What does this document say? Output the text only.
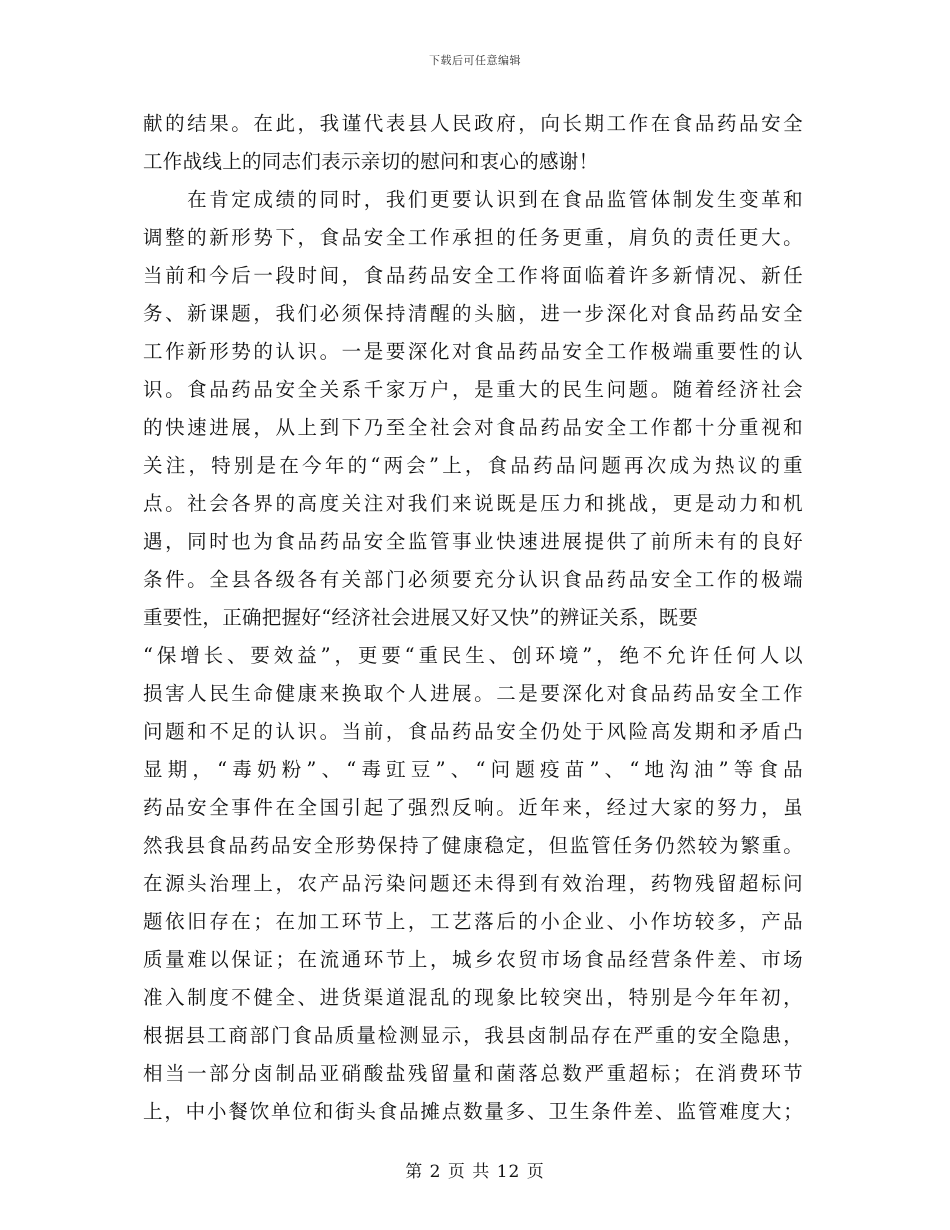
下载后可任意编辑
献的结果。在此，我谨代表县人民政府，向长期工作在食品药品安全
工作战线上的同志们表示亲切的慰问和衷心的感谢！
　　在肯定成绩的同时，我们更要认识到在食品监管体制发生变革和
调整的新形势下，食品安全工作承担的任务更重，肩负的责任更大。
当前和今后一段时间，食品药品安全工作将面临着许多新情况、新任
务、新课题，我们必须保持清醒的头脑，进一步深化对食品药品安全
工作新形势的认识。一是要深化对食品药品安全工作极端重要性的认
识。食品药品安全关系千家万户，是重大的民生问题。随着经济社会
的快速进展，从上到下乃至全社会对食品药品安全工作都十分重视和
关注，特别是在今年的“两会”上，食品药品问题再次成为热议的重
点。社会各界的高度关注对我们来说既是压力和挑战，更是动力和机
遇，同时也为食品药品安全监管事业快速进展提供了前所未有的良好
条件。全县各级各有关部门必须要充分认识食品药品安全工作的极端
重要性，正确把握好“经济社会进展又好又快”的辨证关系，既要
“保增长、要效益”，更要“重民生、创环境”，绝不允许任何人以
损害人民生命健康来换取个人进展。二是要深化对食品药品安全工作
问题和不足的认识。当前，食品药品安全仍处于风险高发期和矛盾凸
显期，“毒奶粉”、“毒豇豆”、“问题疫苗”、“地沟油”等食品
药品安全事件在全国引起了强烈反响。近年来，经过大家的努力，虽
然我县食品药品安全形势保持了健康稳定，但监管任务仍然较为繁重。
在源头治理上，农产品污染问题还未得到有效治理，药物残留超标问
题依旧存在；在加工环节上，工艺落后的小企业、小作坊较多，产品
质量难以保证；在流通环节上，城乡农贸市场食品经营条件差、市场
准入制度不健全、进货渠道混乱的现象比较突出，特别是今年年初，
根据县工商部门食品质量检测显示，我县卤制品存在严重的安全隐患，
相当一部分卤制品亚硝酸盐残留量和菌落总数严重超标；在消费环节
上，中小餐饮单位和街头食品摊点数量多、卫生条件差、监管难度大；
第 2 页 共 12 页
